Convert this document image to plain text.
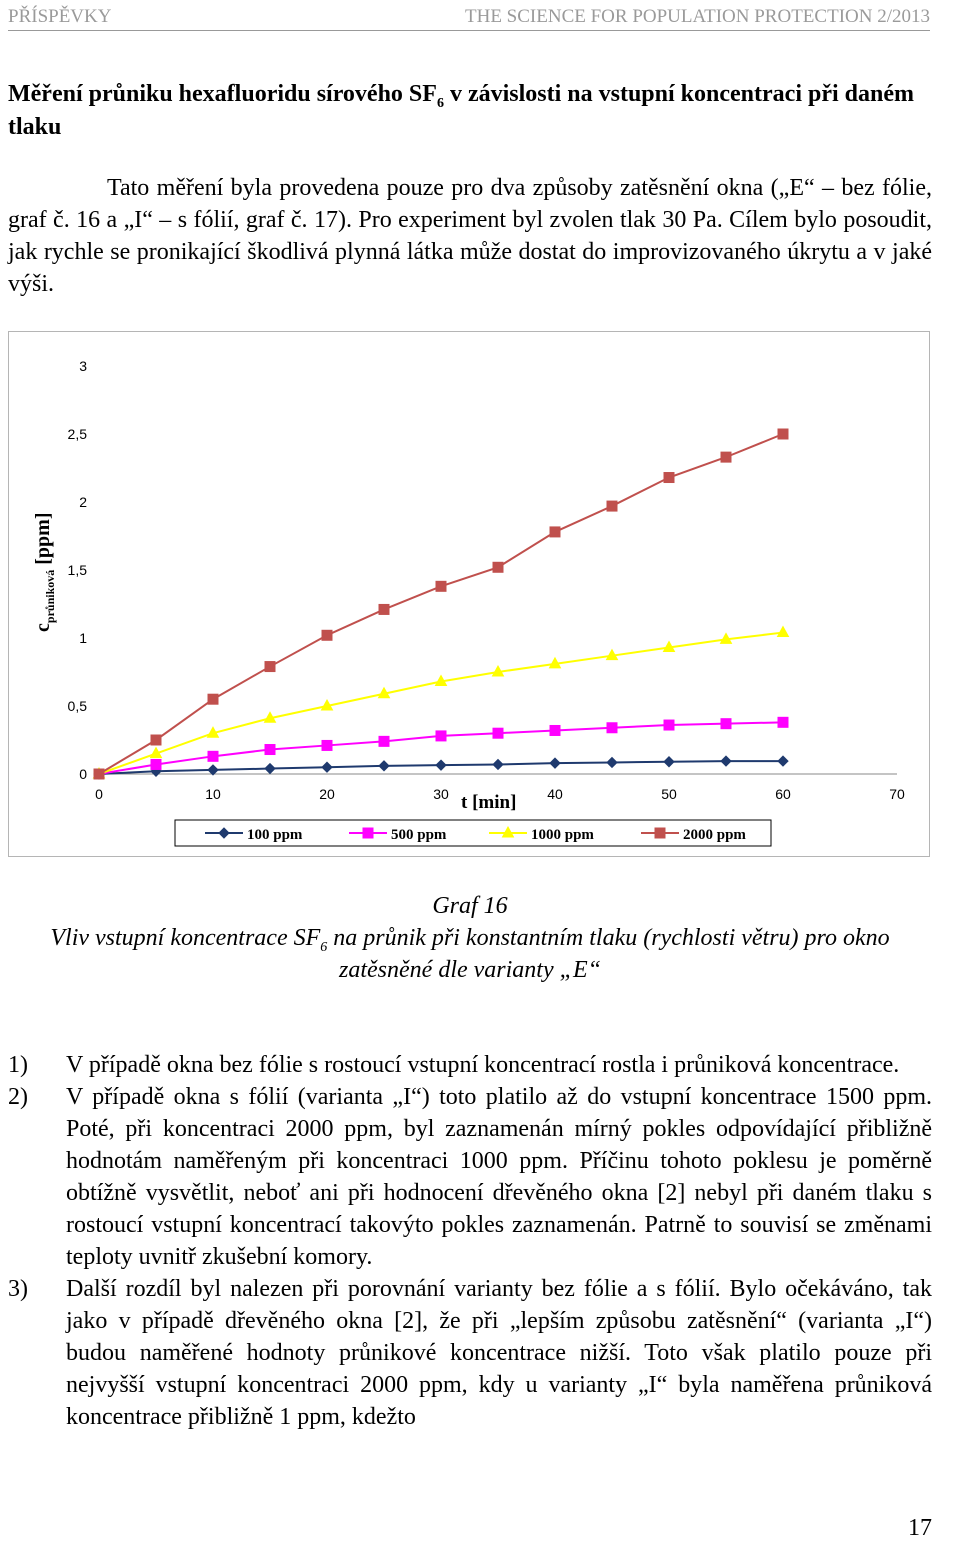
PŘÍSPĚVKY	THE SCIENCE FOR POPULATION PROTECTION 2/2013
Měření průniku hexafluoridu sírového $SF_6$ v závislosti na vstupní koncentraci při daném tlaku
Tato měření byla provedena pouze pro dva způsoby zatěsnění okna („E“ – bez fólie, graf č. 16 a „I“ – s fólií, graf č. 17). Pro experiment byl zvolen tlak 30 Pa. Cílem bylo posoudit, jak rychle se pronikající škodlivá plynná látka může dostat do improvizovaného úkrytu a v jaké výši.
0
0,5
1
1,5
2
2,5
3
0	10	20	30	40	50	60	70
t [min]
$c_{průniková}$ [ppm]
100 ppm	500 ppm	1000 ppm	2000 ppm
Graf 16
Vliv vstupní koncentrace $SF_6$ na průnik při konstantním tlaku (rychlosti větru) pro okno zatěsněné dle varianty „E“
1) V případě okna bez fólie s rostoucí vstupní koncentrací rostla i průniková koncentrace.
2) V případě okna s fólií (varianta „I“) toto platilo až do vstupní koncentrace 1500 ppm. Poté, při koncentraci 2000 ppm, byl zaznamenán mírný pokles odpovídající přibližně hodnotám naměřeným při koncentraci 1000 ppm. Příčinu tohoto poklesu je poměrně obtížně vysvětlit, neboť ani při hodnocení dřevěného okna [2] nebyl při daném tlaku s rostoucí vstupní koncentrací takovýto pokles zaznamenán. Patrně to souvisí se změnami teploty uvnitř zkušební komory.
3) Další rozdíl byl nalezen při porovnání varianty bez fólie a s fólií. Bylo očekáváno, tak jako v případě dřevěného okna [2], že při „lepším způsobu zatěsnění“ (varianta „I“) budou naměřené hodnoty průnikové koncentrace nižší. Toto však platilo pouze při nejvyšší vstupní koncentraci 2000 ppm, kdy u varianty „I“ byla naměřena průniková koncentrace přibližně 1 ppm, kdežto
17
